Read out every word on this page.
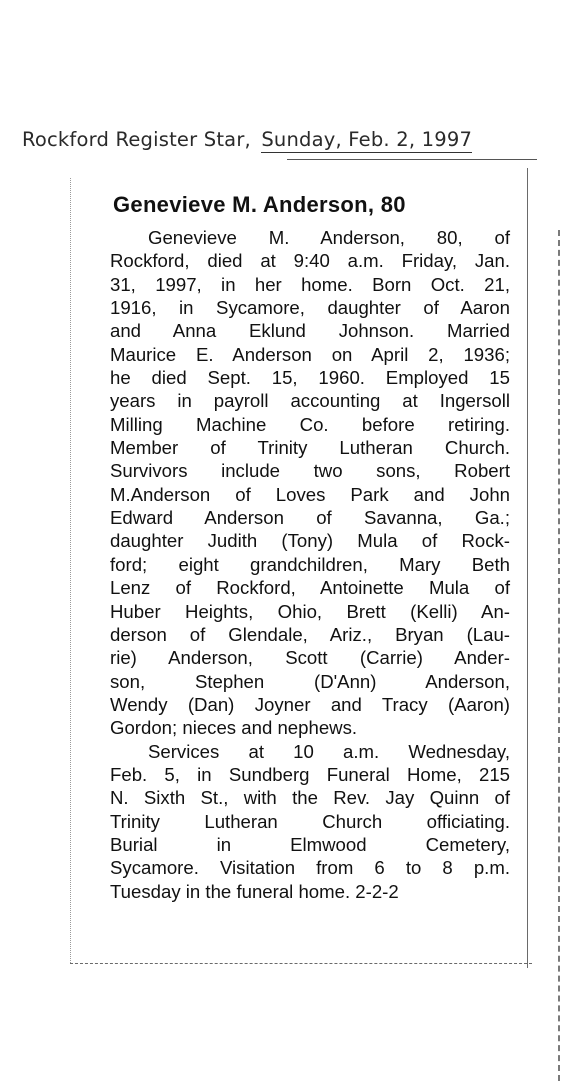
Rockford Register Star, Sunday, Feb. 2, 1997
Genevieve M. Anderson, 80

Genevieve M. Anderson, 80, of
Rockford, died at 9:40 a.m. Friday, Jan.
31, 1997, in her home. Born Oct. 21,
1916, in Sycamore, daughter of Aaron
and Anna Eklund Johnson. Married
Maurice E. Anderson on April 2, 1936;
he died Sept. 15, 1960. Employed 15
years in payroll accounting at Ingersoll
Milling Machine Co. before retiring.
Member of Trinity Lutheran Church.
Survivors include two sons, Robert
M.Anderson of Loves Park and John
Edward Anderson of Savanna, Ga.;
daughter Judith (Tony) Mula of Rock-
ford; eight grandchildren, Mary Beth
Lenz of Rockford, Antoinette Mula of
Huber Heights, Ohio, Brett (Kelli) An-
derson of Glendale, Ariz., Bryan (Lau-
rie) Anderson, Scott (Carrie) Ander-
son, Stephen (D'Ann) Anderson,
Wendy (Dan) Joyner and Tracy (Aaron)
Gordon; nieces and nephews.

Services at 10 a.m. Wednesday,
Feb. 5, in Sundberg Funeral Home, 215
N. Sixth St., with the Rev. Jay Quinn of
Trinity Lutheran Church officiating.
Burial in Elmwood Cemetery,
Sycamore. Visitation from 6 to 8 p.m.
Tuesday in the funeral home. 2-2-2
